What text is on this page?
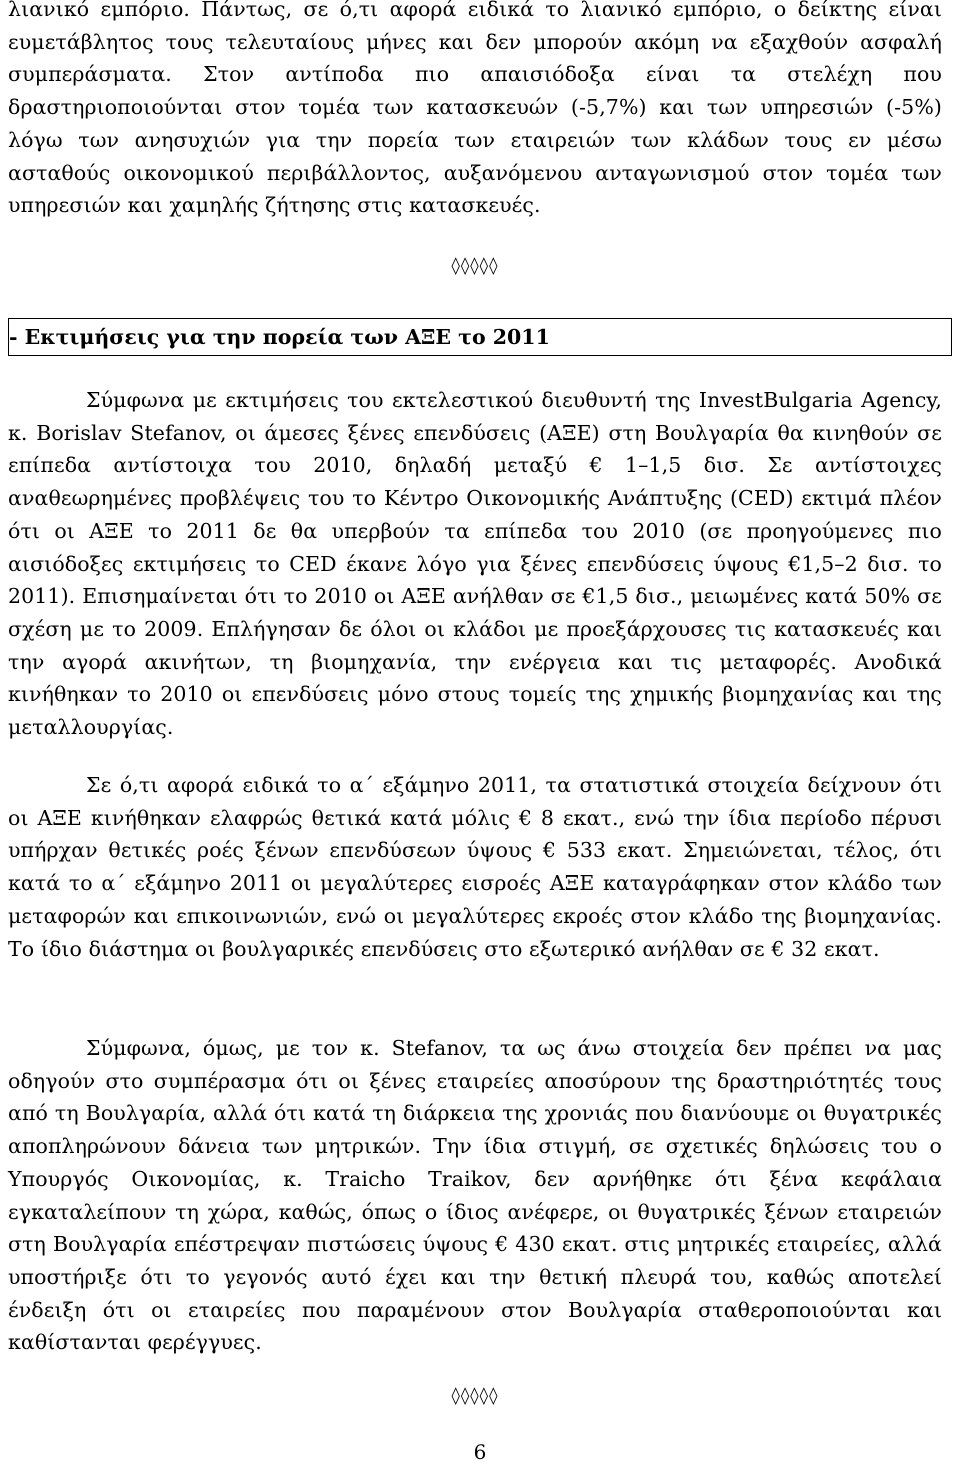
λιανικό εμπόριο. Πάντως, σε ό,τι αφορά ειδικά το λιανικό εμπόριο, ο δείκτης είναι ευμετάβλητος τους τελευταίους μήνες και δεν μπορούν ακόμη να εξαχθούν ασφαλή συμπεράσματα. Στον αντίποδα πιο απαισιόδοξα είναι τα στελέχη που δραστηριοποιούνται στον τομέα των κατασκευών (-5,7%) και των υπηρεσιών (-5%) λόγω των ανησυχιών για την πορεία των εταιρειών των κλάδων τους εν μέσω ασταθούς οικονομικού περιβάλλοντος, αυξανόμενου ανταγωνισμού στον τομέα των υπηρεσιών και χαμηλής ζήτησης στις κατασκευές.

◊◊◊◊◊
- Εκτιμήσεις για την πορεία των ΑΞΕ το 2011

Σύμφωνα με εκτιμήσεις του εκτελεστικού διευθυντή της InvestBulgaria Agency, κ. Borislav Stefanov, οι άμεσες ξένες επενδύσεις (ΑΞΕ) στη Βουλγαρία θα κινηθούν σε επίπεδα αντίστοιχα του 2010, δηλαδή μεταξύ € 1–1,5 δισ. Σε αντίστοιχες αναθεωρημένες προβλέψεις του το Κέντρο Οικονομικής Ανάπτυξης (CED) εκτιμά πλέον ότι οι ΑΞΕ το 2011 δε θα υπερβούν τα επίπεδα του 2010 (σε προηγούμενες πιο αισιόδοξες εκτιμήσεις το CED έκανε λόγο για ξένες επενδύσεις ύψους €1,5–2 δισ. το 2011). Επισημαίνεται ότι το 2010 οι ΑΞΕ ανήλθαν σε €1,5 δισ., μειωμένες κατά 50% σε σχέση με το 2009. Επλήγησαν δε όλοι οι κλάδοι με προεξάρχουσες τις κατασκευές και την αγορά ακινήτων, τη βιομηχανία, την ενέργεια και τις μεταφορές. Ανοδικά κινήθηκαν το 2010 οι επενδύσεις μόνο στους τομείς της χημικής βιομηχανίας και της μεταλλουργίας.

Σε ό,τι αφορά ειδικά το α΄ εξάμηνο 2011, τα στατιστικά στοιχεία δείχνουν ότι οι ΑΞΕ κινήθηκαν ελαφρώς θετικά κατά μόλις € 8 εκατ., ενώ την ίδια περίοδο πέρυσι υπήρχαν θετικές ροές ξένων επενδύσεων ύψους € 533 εκατ. Σημειώνεται, τέλος, ότι κατά το α΄ εξάμηνο 2011 οι μεγαλύτερες εισροές ΑΞΕ καταγράφηκαν στον κλάδο των μεταφορών και επικοινωνιών, ενώ οι μεγαλύτερες εκροές στον κλάδο της βιομηχανίας. Το ίδιο διάστημα οι βουλγαρικές επενδύσεις στο εξωτερικό ανήλθαν σε € 32 εκατ.

Σύμφωνα, όμως, με τον κ. Stefanov, τα ως άνω στοιχεία δεν πρέπει να μας οδηγούν στο συμπέρασμα ότι οι ξένες εταιρείες αποσύρουν της δραστηριότητές τους από τη Βουλγαρία, αλλά ότι κατά τη διάρκεια της χρονιάς που διανύουμε οι θυγατρικές αποπληρώνουν δάνεια των μητρικών. Την ίδια στιγμή, σε σχετικές δηλώσεις του ο Υπουργός Οικονομίας, κ. Traicho Traikov, δεν αρνήθηκε ότι ξένα κεφάλαια εγκαταλείπουν τη χώρα, καθώς, όπως ο ίδιος ανέφερε, οι θυγατρικές ξένων εταιρειών στη Βουλγαρία επέστρεψαν πιστώσεις ύψους € 430 εκατ. στις μητρικές εταιρείες, αλλά υποστήριξε ότι το γεγονός αυτό έχει και την θετική πλευρά του, καθώς αποτελεί ένδειξη ότι οι εταιρείες που παραμένουν στον Βουλγαρία σταθεροποιούνται και καθίστανται φερέγγυες.

◊◊◊◊◊
6
